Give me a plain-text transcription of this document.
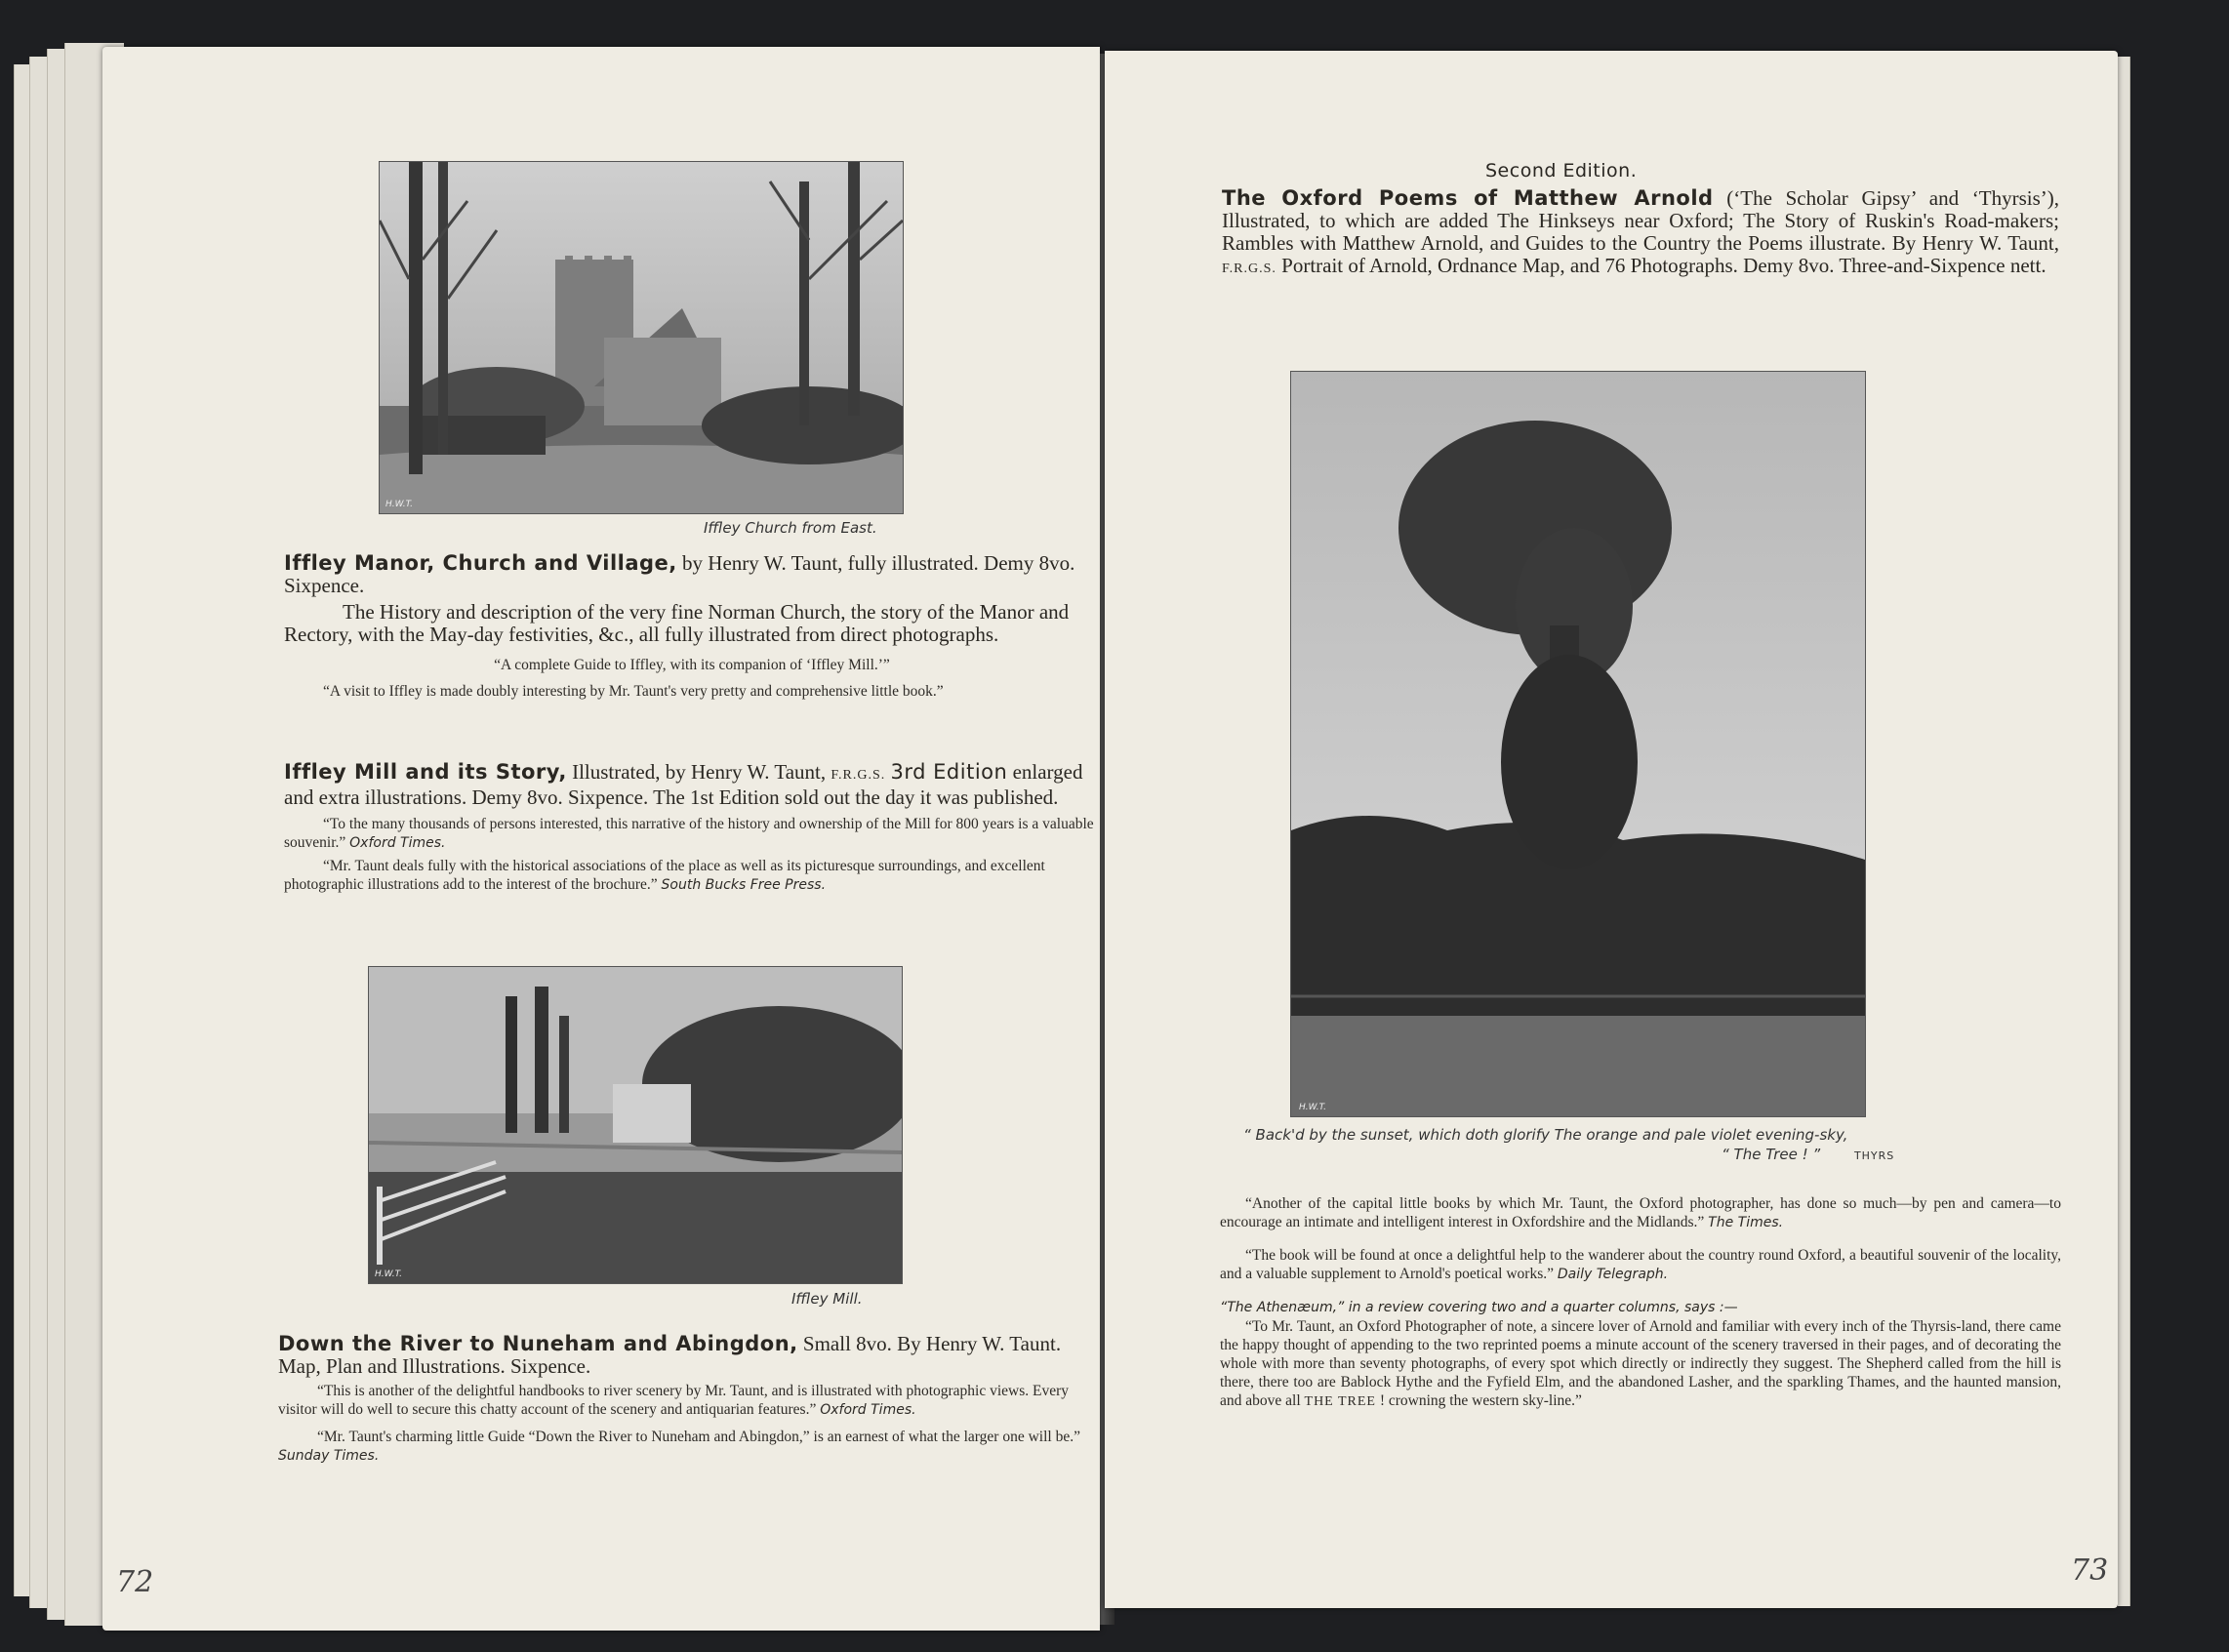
H.W.T.
Iffley Church from East.

Iffley Manor, Church and Village, by Henry W. Taunt, fully illustrated. Demy 8vo. Sixpence.

The History and description of the very fine Norman Church, the story of the Manor and Rectory, with the May-day festivities, &c., all fully illustrated from direct photographs.

“A complete Guide to Iffley, with its companion of ‘Iffley Mill.’”

“A visit to Iffley is made doubly interesting by Mr. Taunt's very pretty and comprehensive little book.”

Iffley Mill and its Story, Illustrated, by Henry W. Taunt, F.R.G.S. 3rd Edition enlarged and extra illustrations. Demy 8vo. Sixpence. The 1st Edition sold out the day it was published.

“To the many thousands of persons interested, this narrative of the history and ownership of the Mill for 800 years is a valuable souvenir.” Oxford Times.

“Mr. Taunt deals fully with the historical associations of the place as well as its picturesque surroundings, and excellent photographic illustrations add to the interest of the brochure.” South Bucks Free Press.

H.W.T.
Iffley Mill.

Down the River to Nuneham and Abingdon, Small 8vo. By Henry W. Taunt. Map, Plan and Illustrations. Sixpence.

“This is another of the delightful handbooks to river scenery by Mr. Taunt, and is illustrated with photographic views. Every visitor will do well to secure this chatty account of the scenery and antiquarian features.” Oxford Times.

“Mr. Taunt's charming little Guide “Down the River to Nuneham and Abingdon,” is an earnest of what the larger one will be.” Sunday Times.

72
Second Edition.

The Oxford Poems of Matthew Arnold (‘The Scholar Gipsy’ and ‘Thyrsis’), Illustrated, to which are added The Hinkseys near Oxford; The Story of Ruskin's Road-makers; Rambles with Matthew Arnold, and Guides to the Country the Poems illustrate. By Henry W. Taunt, F.R.G.S. Portrait of Arnold, Ordnance Map, and 76 Photographs. Demy 8vo. Three-and-Sixpence nett.

H.W.T.
“ Back'd by the sunset, which doth glorify The orange and pale violet evening-sky,
“ The Tree ! ”	THYRS

“Another of the capital little books by which Mr. Taunt, the Oxford photographer, has done so much—by pen and camera—to encourage an intimate and intelligent interest in Oxfordshire and the Midlands.” The Times.

“The book will be found at once a delightful help to the wanderer about the country round Oxford, a beautiful souvenir of the locality, and a valuable supplement to Arnold's poetical works.” Daily Telegraph.

“The Athenæum,” in a review covering two and a quarter columns, says :—

“To Mr. Taunt, an Oxford Photographer of note, a sincere lover of Arnold and familiar with every inch of the Thyrsis-land, there came the happy thought of appending to the two reprinted poems a minute account of the scenery traversed in their pages, and of decorating the whole with more than seventy photographs, of every spot which directly or indirectly they suggest. The Shepherd called from the hill is there, there too are Bablock Hythe and the Fyfield Elm, and the abandoned Lasher, and the sparkling Thames, and the haunted mansion, and above all THE TREE ! crowning the western sky-line.”

73
